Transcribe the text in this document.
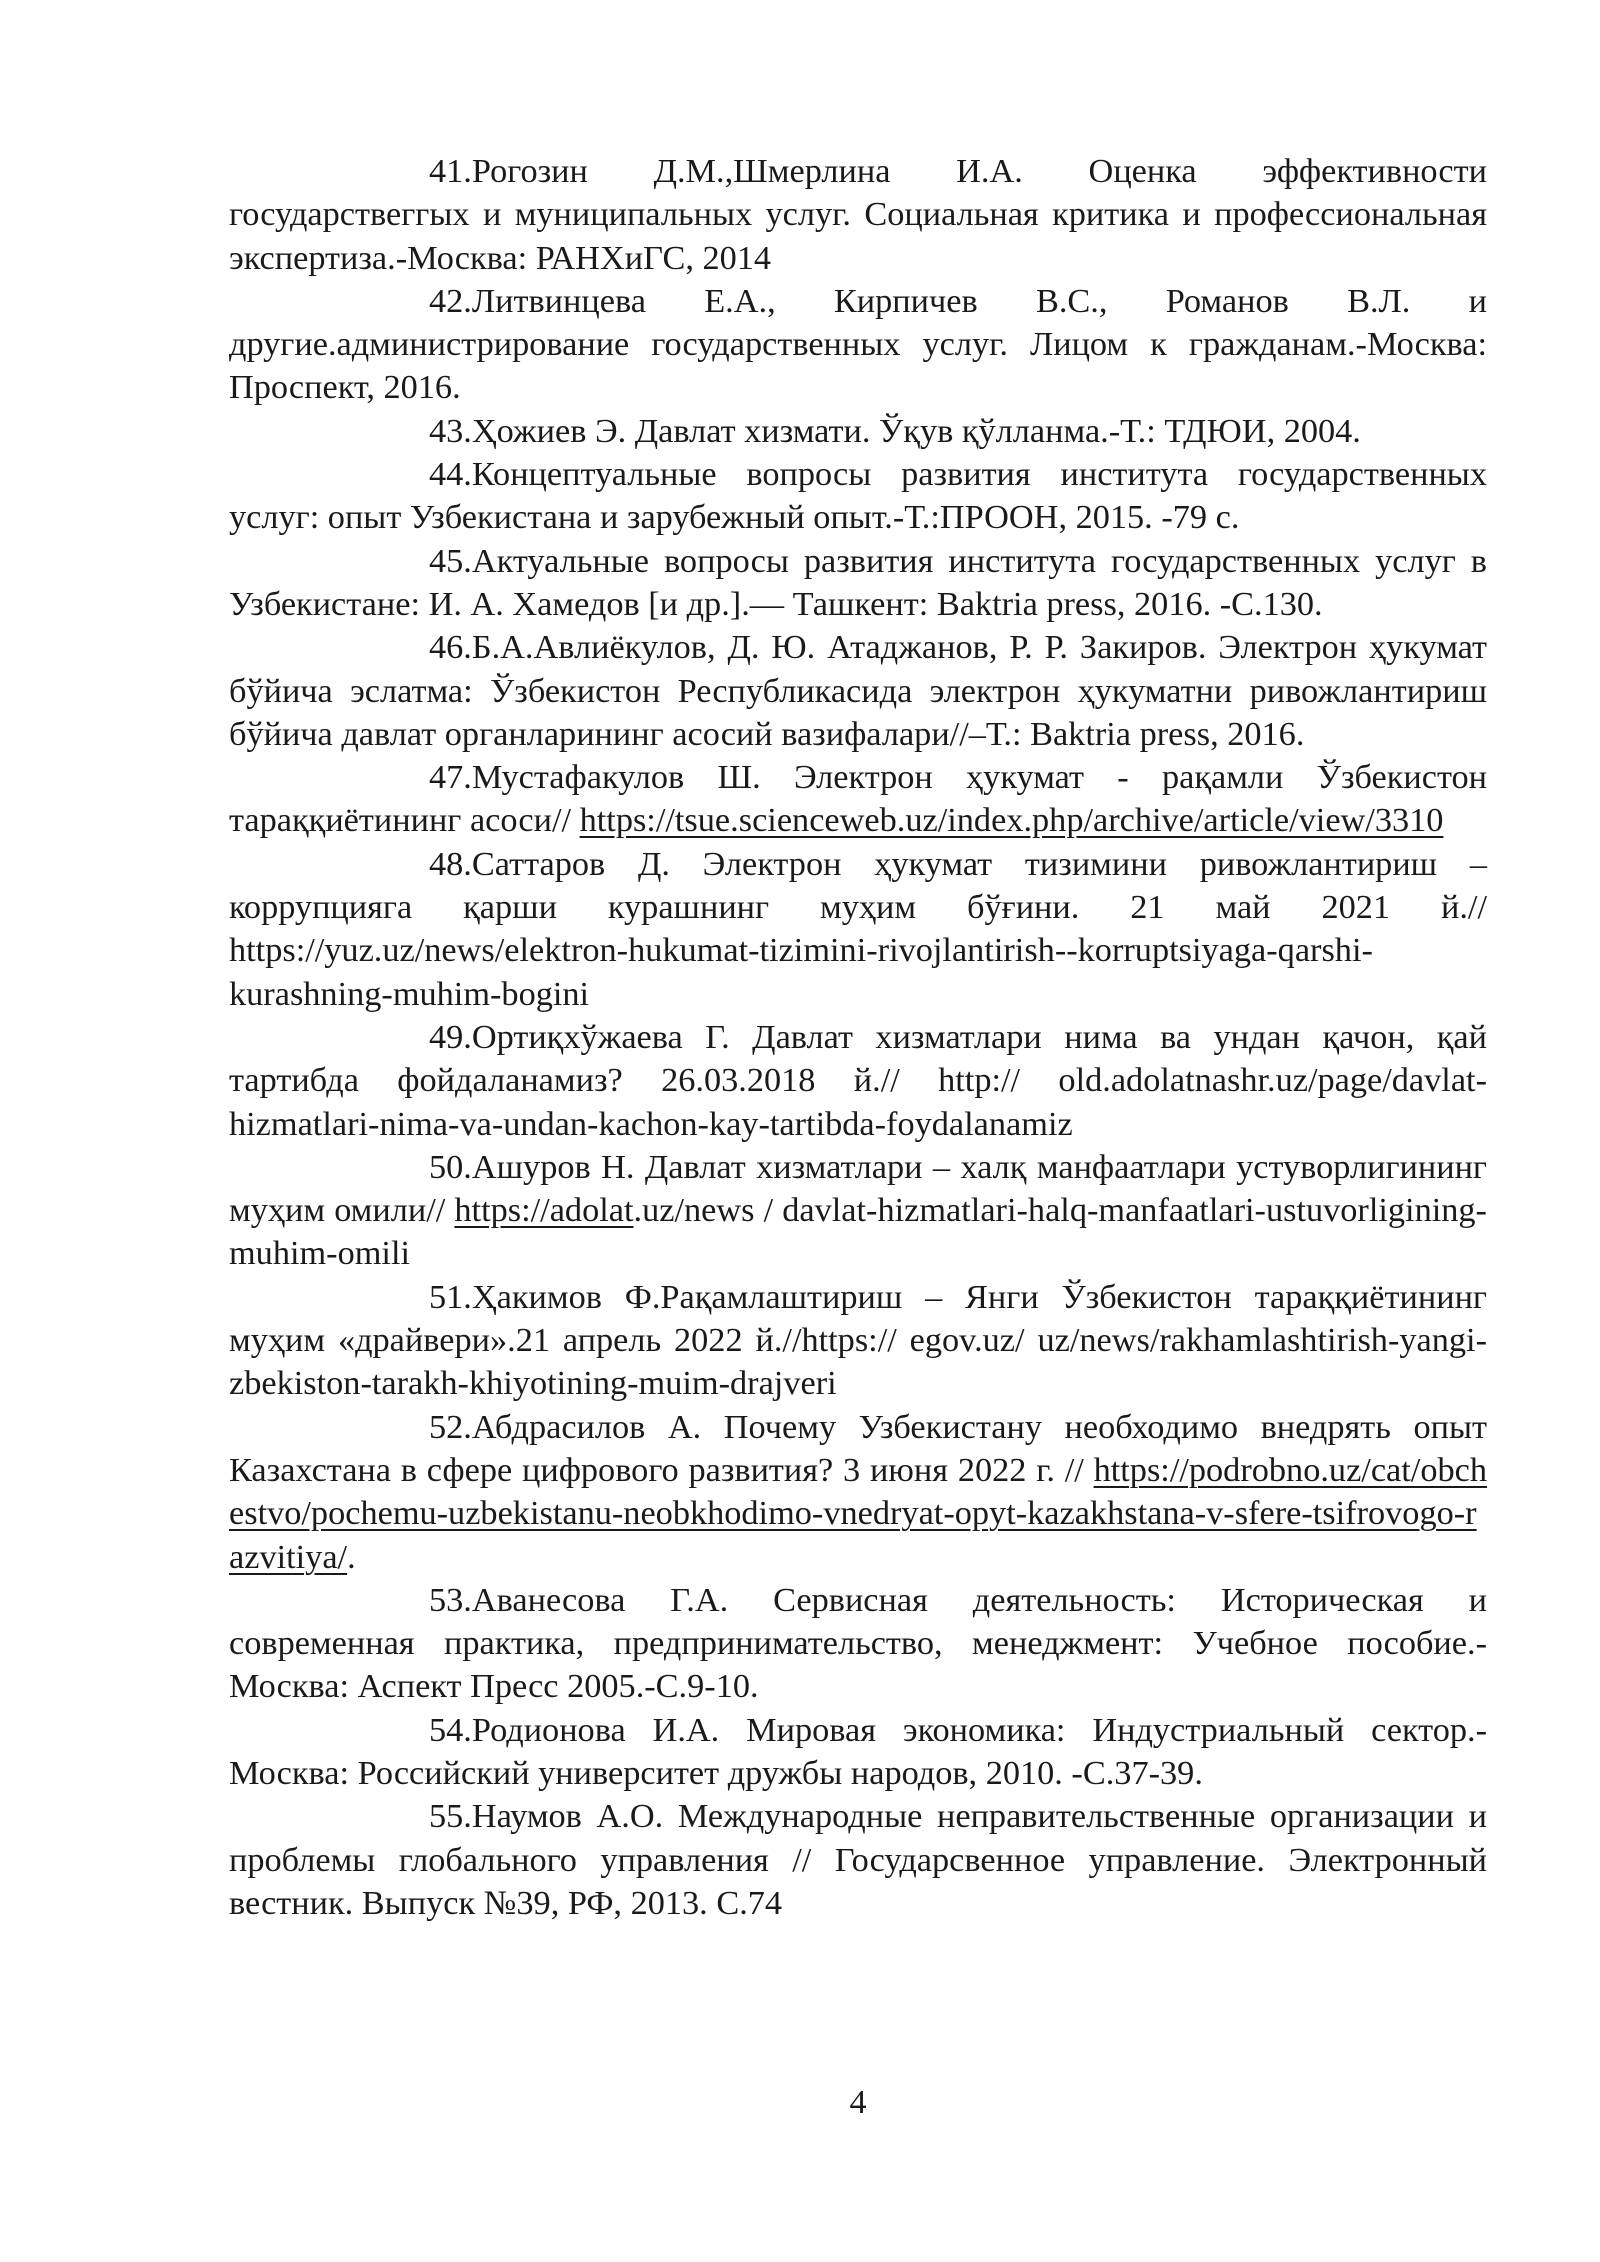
41.Рогозин Д.М.,Шмерлина И.А. Оценка эффективности государствеггых и муниципальных услуг. Социальная критика и профессиональная экспертиза.-Москва: РАНХиГС, 2014
42.Литвинцева Е.А., Кирпичев В.С., Романов В.Л. и другие.администрирование государственных услуг. Лицом к гражданам.-Москва: Проспект, 2016.
43.Ҳожиев Э. Давлат хизмати. Ўқув қўлланма.-Т.: ТДЮИ, 2004.
44.Концептуальные вопросы развития института государственных услуг: опыт Узбекистана и зарубежный опыт.-Т.:ПРООН, 2015. -79 с.
45.Актуальные вопросы развития института государственных услуг в Узбекистане: И. А. Хамедов [и др.].— Ташкент: Baktria press, 2016. -С.130.
46.Б.А.Авлиёкулов, Д. Ю. Атаджанов, Р. Р. Закиров. Электрон ҳукумат бўйича эслатма: Ўзбекистон Республикасида электрон ҳукуматни ривожлантириш бўйича давлат органларининг асосий вазифалари//–Т.: Baktria press, 2016.
47.Мустафакулов Ш. Электрон ҳукумат - рақамли Ўзбекистон тараққиётининг асоси// https://tsue.scienceweb.uz/index.php/archive/article/view/3310
48.Саттаров Д. Электрон ҳукумат тизимини ривожлантириш – коррупцияга қарши курашнинг муҳим бўғини. 21 май 2021 й.// https://yuz.uz/news/elektron-hukumat-tizimini-rivojlantirish--korruptsiyaga-qarshi-kurashning-muhim-bogini
49.Ортиқхўжаева Г. Давлат хизматлари нима ва ундан қачон, қай тартибда фойдаланамиз? 26.03.2018 й.// http:// old.adolatnashr.uz/page/davlat-hizmatlari-nima-va-undan-kachon-kay-tartibda-foydalanamiz
50.Ашуров Н. Давлат хизматлари – халқ манфаатлари устуворлигининг муҳим омили// https://adolat.uz/news / davlat-hizmatlari-halq-manfaatlari-ustuvorligining-muhim-omili
51.Ҳакимов Ф.Рақамлаштириш – Янги Ўзбекистон тараққиётининг муҳим «драйвери».21 апрель 2022 й.//https:// egov.uz/ uz/news/rakhamlashtirish-yangi-zbekiston-tarakh-khiyotining-muim-drajveri
52.Абдрасилов А. Почему Узбекистану необходимо внедрять опыт Казахстана в сфере цифрового развития? 3 июня 2022 г. // https://podrobno.uz/cat/obchestvo/pochemu-uzbekistanu-neobkhodimo-vnedryat-opyt-kazakhstana-v-sfere-tsifrovogo-razvitiya/.
53.Аванесова Г.А. Сервисная деятельность: Историческая и современная практика, предпринимательство, менеджмент: Учебное пособие.-Москва: Аспект Пресс 2005.-С.9-10.
54.Родионова И.А. Мировая экономика: Индустриальный сектор.-Москва: Российский университет дружбы народов, 2010. -С.37-39.
55.Наумов А.О. Международные неправительственные организации и проблемы глобального управления // Государсвенное управление. Электронный вестник. Выпуск №39, РФ, 2013. С.74
4
